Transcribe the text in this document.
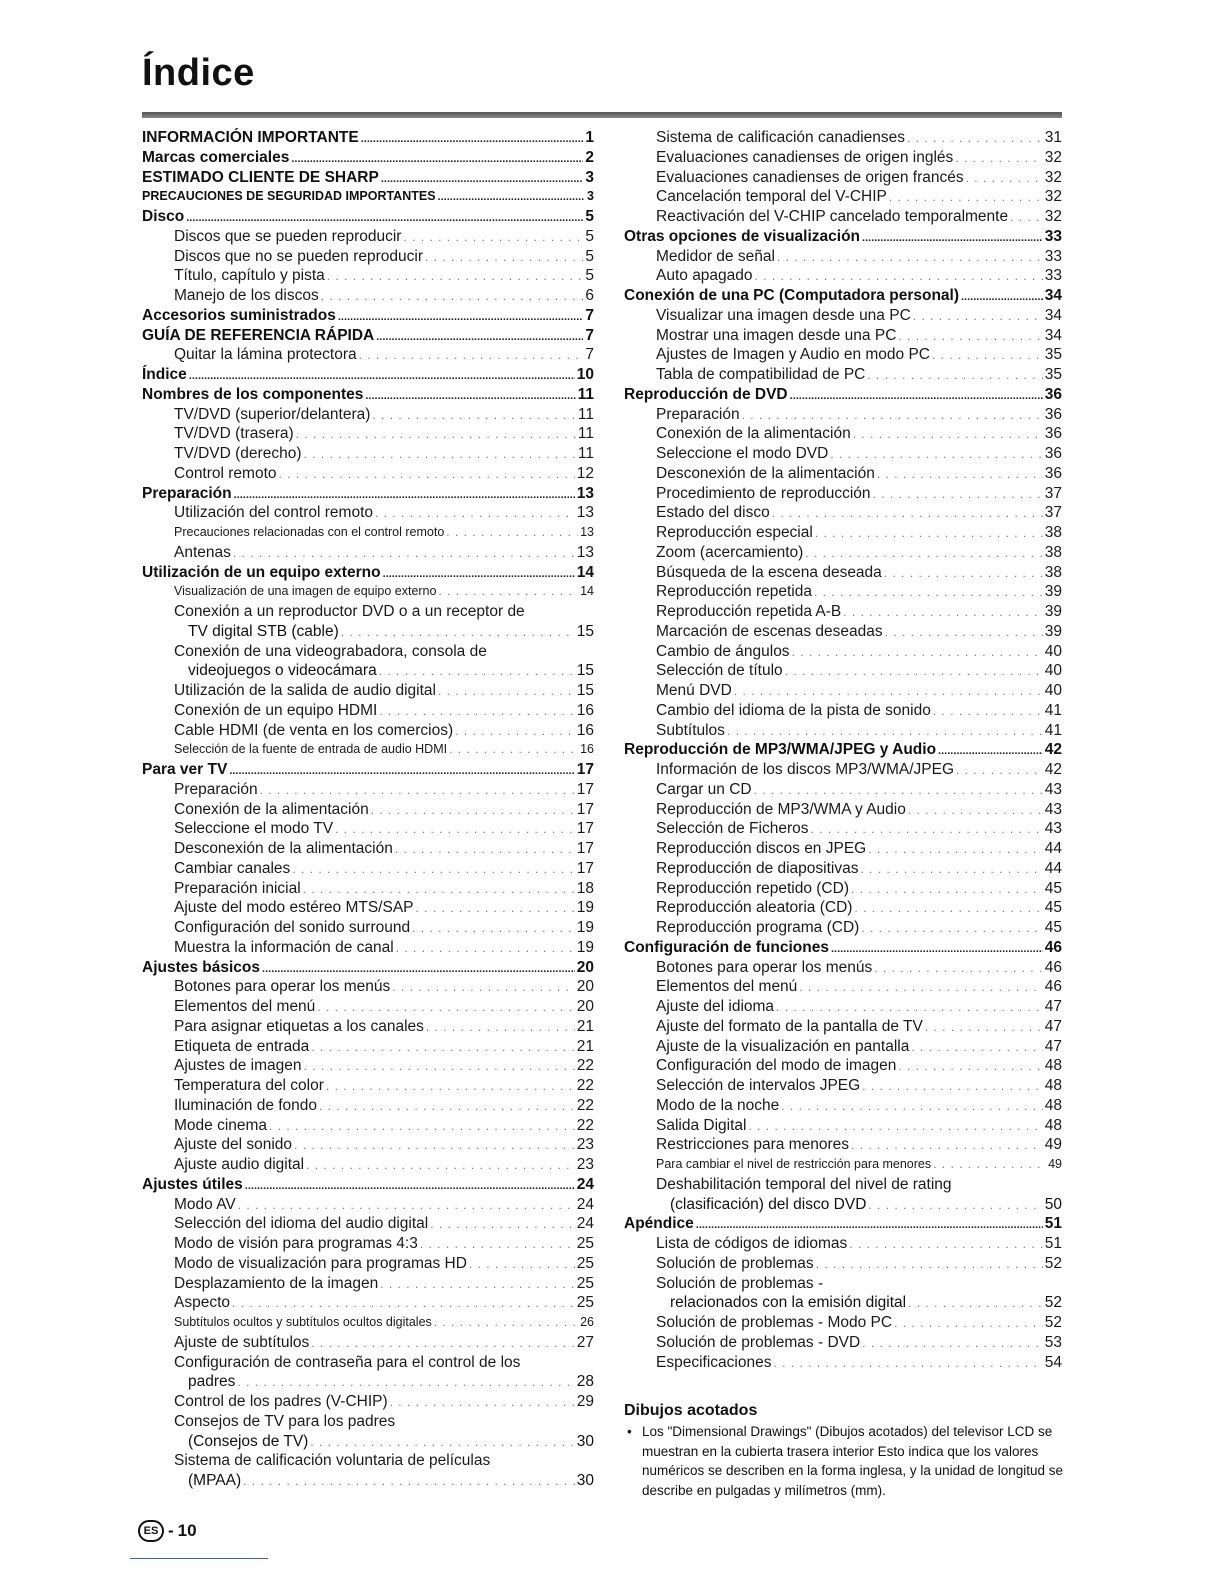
Índice
INFORMACIÓN IMPORTANTE .....	1
Marcas comerciales .....	2
ESTIMADO CLIENTE DE SHARP .....	3
PRECAUCIONES DE SEGURIDAD IMPORTANTES .....	3
Disco .....	5
Discos que se pueden reproducir . . .	5
Discos que no se pueden reproducir . . .	5
Título, capítulo y pista . . .	5
Manejo de los discos . . .	6
Accesorios suministrados .....	7
GUÍA DE REFERENCIA RÁPIDA .....	7
Quitar la lámina protectora . . .	7
Índice .....	10
Nombres de los componentes .....	11
TV/DVD (superior/delantera) . . .	11
TV/DVD (trasera) . . .	11
TV/DVD (derecho) . . .	11
Control remoto . . .	12
Preparación .....	13
Utilización del control remoto . . .	13
Precauciones relacionadas con el control remoto . . .	13
Antenas . . .	13
Utilización de un equipo externo .....	14
Visualización de una imagen de equipo externo . . .	14
Conexión a un reproductor DVD o a un receptor de
TV digital STB (cable) . . .	15
Conexión de una videograbadora, consola de
videojuegos o videocámara . . .	15
Utilización de la salida de audio digital . . .	15
Conexión de un equipo HDMI . . .	16
Cable HDMI (de venta en los comercios) . . .	16
Selección de la fuente de entrada de audio HDMI . . .	16
Para ver TV .....	17
Preparación . . .	17
Conexión de la alimentación . . .	17
Seleccione el modo TV . . .	17
Desconexión de la alimentación . . .	17
Cambiar canales . . .	17
Preparación inicial . . .	18
Ajuste del modo estéreo MTS/SAP . . .	19
Configuración del sonido surround . . .	19
Muestra la información de canal . . .	19
Ajustes básicos .....	20
Botones para operar los menús . . .	20
Elementos del menú . . .	20
Para asignar etiquetas a los canales . . .	21
Etiqueta de entrada . . .	21
Ajustes de imagen . . .	22
Temperatura del color . . .	22
Iluminación de fondo . . .	22
Mode cinema . . .	22
Ajuste del sonido . . .	23
Ajuste audio digital . . .	23
Ajustes útiles .....	24
Modo AV . . .	24
Selección del idioma del audio digital . . .	24
Modo de visión para programas 4:3 . . .	25
Modo de visualización para programas HD . . .	25
Desplazamiento de la imagen . . .	25
Aspecto . . .	25
Subtítulos ocultos y subtítulos ocultos digitales . . .	26
Ajuste de subtítulos . . .	27
Configuración de contraseña para el control de los
padres . . .	28
Control de los padres (V-CHIP) . . .	29
Consejos de TV para los padres
(Consejos de TV) . . .	30
Sistema de calificación voluntaria de películas
(MPAA) . . .	30
Sistema de calificación canadienses . . .	31
Evaluaciones canadienses de origen inglés . . .	32
Evaluaciones canadienses de origen francés . . .	32
Cancelación temporal del V-CHIP . . .	32
Reactivación del V-CHIP cancelado temporalmente . . . 32
Otras opciones de visualización .....	33
Medidor de señal . . .	33
Auto apagado . . .	33
Conexión de una PC (Computadora personal) .....	34
Visualizar una imagen desde una PC . . .	34
Mostrar una imagen desde una PC . . .	34
Ajustes de Imagen y Audio en modo PC . . .	35
Tabla de compatibilidad de PC . . .	35
Reproducción de DVD .....	36
Preparación . . .	36
Conexión de la alimentación . . .	36
Seleccione el modo DVD . . .	36
Desconexión de la alimentación . . .	36
Procedimiento de reproducción . . .	37
Estado del disco . . .	37
Reproducción especial . . .	38
Zoom (acercamiento) . . .	38
Búsqueda de la escena deseada . . .	38
Reproducción repetida . . .	39
Reproducción repetida A-B . . .	39
Marcación de escenas deseadas . . .	39
Cambio de ángulos . . .	40
Selección de título . . .	40
Menú DVD . . .	40
Cambio del idioma de la pista de sonido . . .	41
Subtítulos . . .	41
Reproducción de MP3/WMA/JPEG y Audio .....	42
Información de los discos MP3/WMA/JPEG . . .	42
Cargar un CD . . .	43
Reproducción de MP3/WMA y Audio . . .	43
Selección de Ficheros . . .	43
Reproducción discos en JPEG . . .	44
Reproducción de diapositivas . . .	44
Reproducción repetido (CD) . . .	45
Reproducción aleatoria (CD) . . .	45
Reproducción programa (CD) . . .	45
Configuración de funciones .....	46
Botones para operar los menús . . .	46
Elementos del menú . . .	46
Ajuste del idioma . . .	47
Ajuste del formato de la pantalla de TV . . .	47
Ajuste de la visualización en pantalla . . .	47
Configuración del modo de imagen . . .	48
Selección de intervalos JPEG . . .	48
Modo de la noche . . .	48
Salida Digital . . .	48
Restricciones para menores . . .	49
Para cambiar el nivel de restricción para menores . . .	49
Deshabilitación temporal del nivel de rating
(clasificación) del disco DVD . . .	50
Apéndice .....	51
Lista de códigos de idiomas . . .	51
Solución de problemas . . .	52
Solución de problemas -
relacionados con la emisión digital . . .	52
Solución de problemas - Modo PC . . .	52
Solución de problemas - DVD . . .	53
Especificaciones . . .	54
Dibujos acotados
• Los "Dimensional Drawings" (Dibujos acotados) del televisor LCD se muestran en la cubierta trasera interior Esto indica que los valores numéricos se describen en la forma inglesa, y la unidad de longitud se describe en pulgadas y milímetros (mm).
ES - 10
